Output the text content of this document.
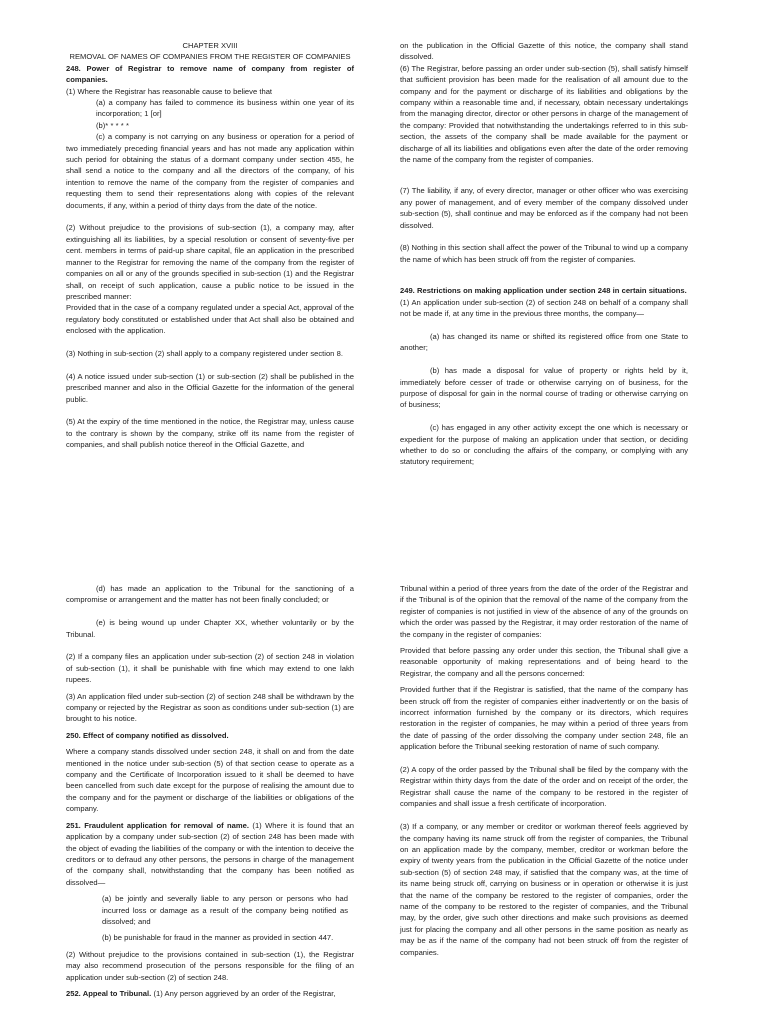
CHAPTER XVIII

REMOVAL OF NAMES OF COMPANIES FROM THE REGISTER OF COMPANIES

248. Power of Registrar to remove name of company from register of companies.

(1) Where the Registrar has reasonable cause to believe that

(a) a company has failed to commence its business within one year of its incorporation; 1 [or]

(b)* * * * *

(c) a company is not carrying on any business or operation for a period of two immediately preceding financial years and has not made any application within such period for obtaining the status of a dormant company under section 455, he shall send a notice to the company and all the directors of the company, of his intention to remove the name of the company from the register of companies and requesting them to send their representations along with copies of the relevant documents, if any, within a period of thirty days from the date of the notice.

(2) Without prejudice to the provisions of sub-section (1), a company may, after extinguishing all its liabilities, by a special resolution or consent of seventy-five per cent. members in terms of paid-up share capital, file an application in the prescribed manner to the Registrar for removing the name of the company from the register of companies on all or any of the grounds specified in sub-section (1) and the Registrar shall, on receipt of such application, cause a public notice to be issued in the prescribed manner:

Provided that in the case of a company regulated under a special Act, approval of the regulatory body constituted or established under that Act shall also be obtained and enclosed with the application.

(3) Nothing in sub-section (2) shall apply to a company registered under section 8.

(4) A notice issued under sub-section (1) or sub-section (2) shall be published in the prescribed manner and also in the Official Gazette for the information of the general public.

(5) At the expiry of the time mentioned in the notice, the Registrar may, unless cause to the contrary is shown by the company, strike off its name from the register of companies, and shall publish notice thereof in the Official Gazette, and

on the publication in the Official Gazette of this notice, the company shall stand dissolved.

(6) The Registrar, before passing an order under sub-section (5), shall satisfy himself that sufficient provision has been made for the realisation of all amount due to the company and for the payment or discharge of its liabilities and obligations by the company within a reasonable time and, if necessary, obtain necessary undertakings from the managing director, director or other persons in charge of the management of the company: Provided that notwithstanding the undertakings referred to in this sub-section, the assets of the company shall be made available for the payment or discharge of all its liabilities and obligations even after the date of the order removing the name of the company from the register of companies.

(7) The liability, if any, of every director, manager or other officer who was exercising any power of management, and of every member of the company dissolved under sub-section (5), shall continue and may be enforced as if the company had not been dissolved.

(8) Nothing in this section shall affect the power of the Tribunal to wind up a company the name of which has been struck off from the register of companies.

249. Restrictions on making application under section 248 in certain situations.

(1) An application under sub-section (2) of section 248 on behalf of a company shall not be made if, at any time in the previous three months, the company—

(a) has changed its name or shifted its registered office from one State to another;

(b) has made a disposal for value of property or rights held by it, immediately before cesser of trade or otherwise carrying on of business, for the purpose of disposal for gain in the normal course of trading or otherwise carrying on of business;

(c) has engaged in any other activity except the one which is necessary or expedient for the purpose of making an application under that section, or deciding whether to do so or concluding the affairs of the company, or complying with any statutory requirement;

(d) has made an application to the Tribunal for the sanctioning of a compromise or arrangement and the matter has not been finally concluded; or

(e) is being wound up under Chapter XX, whether voluntarily or by the Tribunal.

(2) If a company files an application under sub-section (2) of section 248 in violation of sub-section (1), it shall be punishable with fine which may extend to one lakh rupees.

(3) An application filed under sub-section (2) of section 248 shall be withdrawn by the company or rejected by the Registrar as soon as conditions under sub-section (1) are brought to his notice.

250. Effect of company notified as dissolved.

Where a company stands dissolved under section 248, it shall on and from the date mentioned in the notice under sub-section (5) of that section cease to operate as a company and the Certificate of Incorporation issued to it shall be deemed to have been cancelled from such date except for the purpose of realising the amount due to the company and for the payment or discharge of the liabilities or obligations of the company.

251. Fraudulent application for removal of name. (1) Where it is found that an application by a company under sub-section (2) of section 248 has been made with the object of evading the liabilities of the company or with the intention to deceive the creditors or to defraud any other persons, the persons in charge of the management of the company shall, notwithstanding that the company has been notified as dissolved—

(a) be jointly and severally liable to any person or persons who had incurred loss or damage as a result of the company being notified as dissolved; and

(b) be punishable for fraud in the manner as provided in section 447.

(2) Without prejudice to the provisions contained in sub-section (1), the Registrar may also recommend prosecution of the persons responsible for the filing of an application under sub-section (2) of section 248.

252. Appeal to Tribunal. (1) Any person aggrieved by an order of the Registrar,

Tribunal within a period of three years from the date of the order of the Registrar and if the Tribunal is of the opinion that the removal of the name of the company from the register of companies is not justified in view of the absence of any of the grounds on which the order was passed by the Registrar, it may order restoration of the name of the company in the register of companies:

Provided that before passing any order under this section, the Tribunal shall give a reasonable opportunity of making representations and of being heard to the Registrar, the company and all the persons concerned:

Provided further that if the Registrar is satisfied, that the name of the company has been struck off from the register of companies either inadvertently or on the basis of incorrect information furnished by the company or its directors, which requires restoration in the register of companies, he may within a period of three years from the date of passing of the order dissolving the company under section 248, file an application before the Tribunal seeking restoration of name of such company.

(2) A copy of the order passed by the Tribunal shall be filed by the company with the Registrar within thirty days from the date of the order and on receipt of the order, the Registrar shall cause the name of the company to be restored in the register of companies and shall issue a fresh certificate of incorporation.

(3) If a company, or any member or creditor or workman thereof feels aggrieved by the company having its name struck off from the register of companies, the Tribunal on an application made by the company, member, creditor or workman before the expiry of twenty years from the publication in the Official Gazette of the notice under sub-section (5) of section 248 may, if satisfied that the company was, at the time of its name being struck off, carrying on business or in operation or otherwise it is just that the name of the company be restored to the register of companies, order the name of the company to be restored to the register of companies, and the Tribunal may, by the order, give such other directions and make such provisions as deemed just for placing the company and all other persons in the same position as nearly as may be as if the name of the company had not been struck off from the register of companies.
